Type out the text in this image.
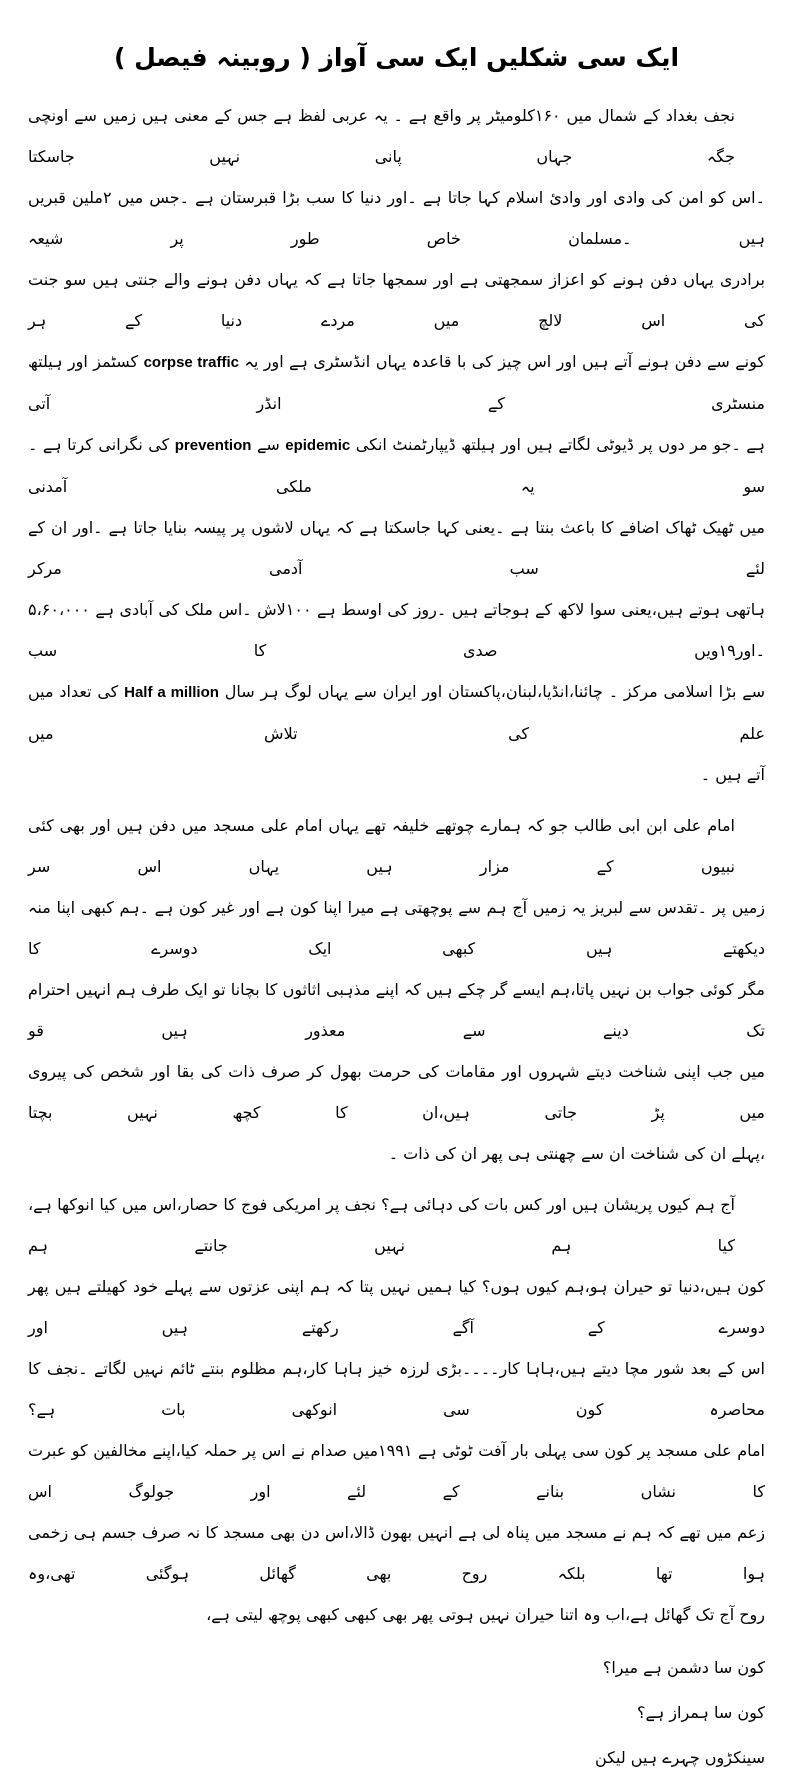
ایک سی شکلیں ایک سی آواز ( روبینہ فیصل )
نجف بغداد کے شمال میں ۱۶۰کلومیٹر پر واقع ہے ۔ یہ عربی لفظ ہے جس کے معنی ہیں زمیں سے اونچی جگہ جہاں پانی نہیں جاسکتا
۔اس کو امن کی وادی اور وادیٔ اسلام کہا جاتا ہے ۔اور دنیا کا سب بڑا قبرستان ہے ۔جس میں ۲ملین قبریں ہیں ۔مسلمان خاص طور پر شیعہ
برادری یہاں دفن ہونے کو اعزاز سمجھتی ہے اور سمجھا جاتا ہے کہ یہاں دفن ہونے والے جنتی ہیں سو جنت کی اس لالچ میں مردے دنیا کے ہر
کونے سے دفن ہونے آتے ہیں اور اس چیز کی با قاعدہ یہاں انڈسٹری ہے اور یہ corpse traffic کسٹمز اور ہیلتھ منسٹری کے انڈر آتی
ہے ۔جو مر دوں پر ڈیوٹی لگاتے ہیں اور ہیلتھ ڈیپارٹمنٹ انکی epidemic سے prevention کی نگرانی کرتا ہے ۔سو یہ ملکی آمدنی
میں ٹھیک ٹھاک اضافے کا باعث بنتا ہے ۔یعنی کہا جاسکتا ہے کہ یہاں لاشوں پر پیسہ بنایا جاتا ہے ۔اور ان کے لئے سب آدمی مرکر
ہاتھی ہوتے ہیں،یعنی سوا لاکھ کے ہوجاتے ہیں ۔روز کی اوسط ہے ۱۰۰لاش ۔اس ملک کی آبادی ہے ۵،۶۰،۰۰۰ ۔اور۱۹ویں صدی کا سب
سے بڑا اسلامی مرکز ۔ چائنا،انڈیا،لبنان،پاکستان اور ایران سے یہاں لوگ ہر سال Half a million کی تعداد میں علم کی تلاش میں
آتے ہیں ۔
امام علی ابن ابی طالب جو کہ ہمارے چوتھے خلیفہ تھے یہاں امام علی مسجد میں دفن ہیں اور بھی کئی نبیوں کے مزار ہیں یہاں اس سر
زمیں پر ۔تقدس سے لبریز یہ زمیں آج ہم سے پوچھتی ہے میرا اپنا کون ہے اور غیر کون ہے ۔ہم کبھی اپنا منہ دیکھتے ہیں کبھی ایک دوسرے کا
مگر کوئی جواب بن نہیں پاتا،ہم ایسے گر چکے ہیں کہ اپنے مذہبی اثاثوں کا بچانا تو ایک طرف ہم انہیں احترام تک دینے سے معذور ہیں قو
میں جب اپنی شناخت دیتے شہروں اور مقامات کی حرمت بھول کر صرف ذات کی بقا اور شخص کی پیروی میں پڑ جاتی ہیں،ان کا کچھ نہیں بچتا
،پہلے ان کی شناخت ان سے چھنتی ہی پھر ان کی ذات ۔
آج ہم کیوں پریشان ہیں اور کس بات کی دہائی ہے؟ نجف پر امریکی فوج کا حصار،اس میں کیا انوکھا ہے، کیا ہم نہیں جانتے ہم
کون ہیں،دنیا تو حیران ہو،ہم کیوں ہوں؟ کیا ہمیں نہیں پتا کہ ہم اپنی عزتوں سے پہلے خود کھیلتے ہیں پھر دوسرے کے آگے رکھتے ہیں اور
اس کے بعد شور مچا دیتے ہیں،ہاہا کار۔۔۔۔بڑی لرزہ خیز ہاہا کار،ہم مظلوم بنتے ٹائم نہیں لگاتے ۔نجف کا محاصرہ کون سی انوکھی بات ہے؟
امام علی مسجد پر کون سی پہلی بار آفت ٹوٹی ہے ۱۹۹۱میں صدام نے اس پر حملہ کیا،اپنے مخالفین کو عبرت کا نشاں بنانے کے لئے اور جولوگ اس
زعم میں تھے کہ ہم نے مسجد میں پناہ لی ہے انہیں بھون ڈالا،اس دن بھی مسجد کا نہ صرف جسم ہی زخمی ہوا تھا بلکہ روح بھی گھائل ہوگئی تھی،وہ
روح آج تک گھائل ہے،اب وہ اتنا حیران نہیں ہوتی پھر بھی کبھی کبھی پوچھ لیتی ہے،
کون سا دشمن ہے میرا؟
کون سا ہمراز ہے؟
سینکڑوں چہرے ہیں لیکن
